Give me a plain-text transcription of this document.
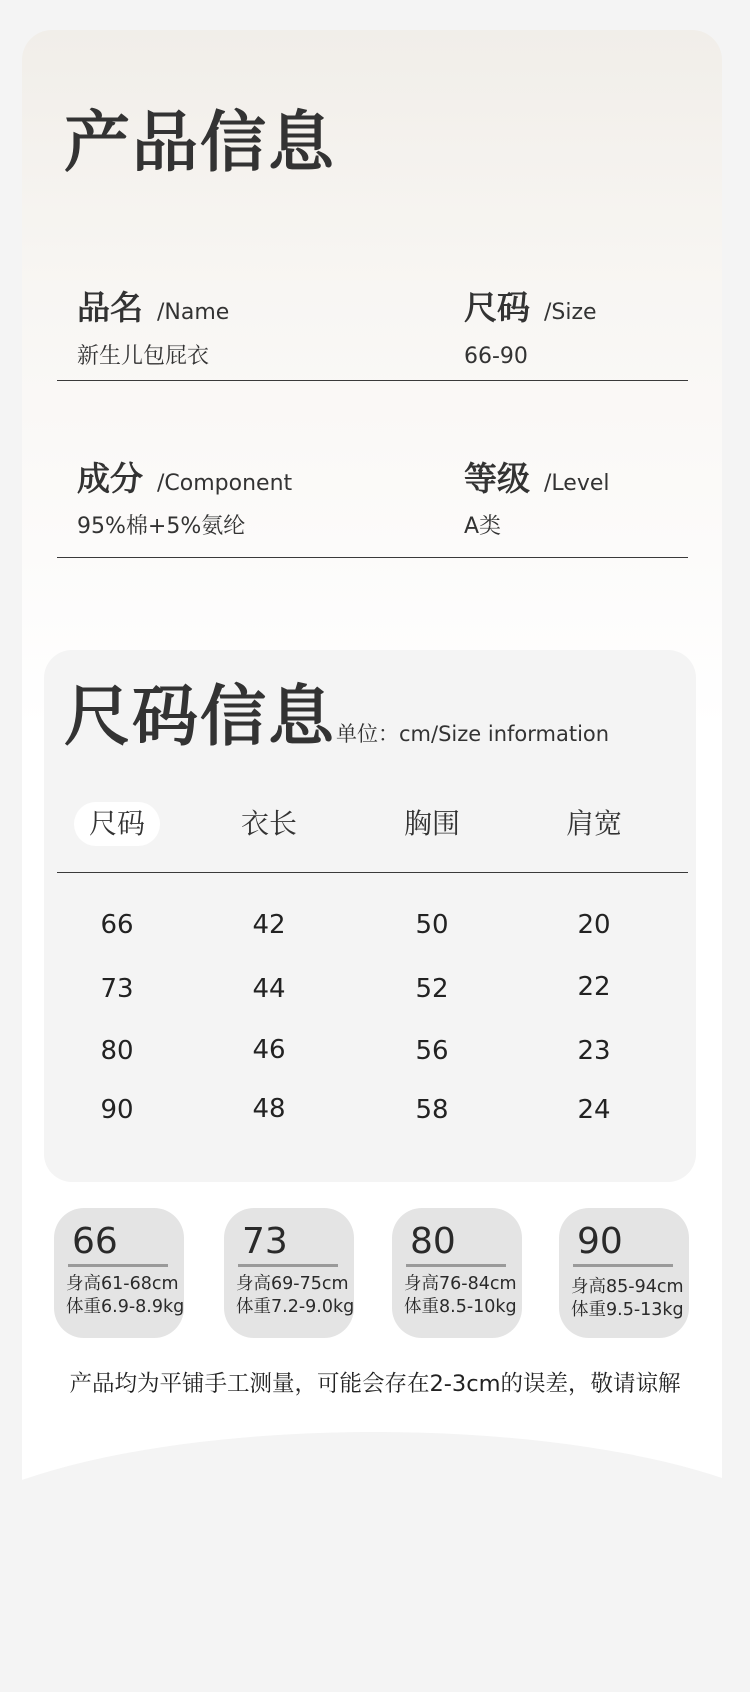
产品信息
品名 /Name
新生儿包屁衣
尺码 /Size
66-90
成分 /Component
95%棉+5%氨纶
等级 /Level
A类
尺码信息 单位：cm/Size information
尺码	衣长	胸围	肩宽
66	42	50	20
73	44	52	22
80	46	56	23
90	48	58	24
66
身高61-68cm
体重6.9-8.9kg
73
身高69-75cm
体重7.2-9.0kg
80
身高76-84cm
体重8.5-10kg
90
身高85-94cm
体重9.5-13kg
产品均为平铺手工测量，可能会存在2-3cm的误差，敬请谅解
